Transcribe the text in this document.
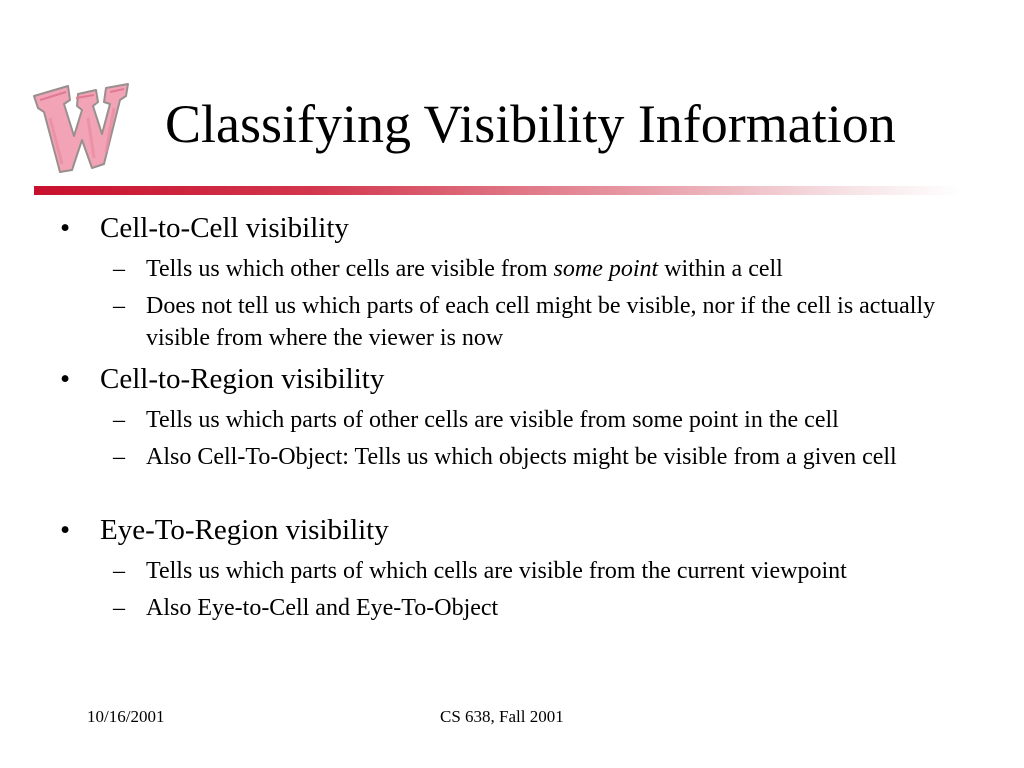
Classifying Visibility Information
• Cell-to-Cell visibility
– Tells us which other cells are visible from some point within a cell
– Does not tell us which parts of each cell might be visible, nor if the cell is actually visible from where the viewer is now
• Cell-to-Region visibility
– Tells us which parts of other cells are visible from some point in the cell
– Also Cell-To-Object: Tells us which objects might be visible from a given cell
• Eye-To-Region visibility
– Tells us which parts of which cells are visible from the current viewpoint
– Also Eye-to-Cell and Eye-To-Object
10/16/2001	CS 638, Fall 2001
